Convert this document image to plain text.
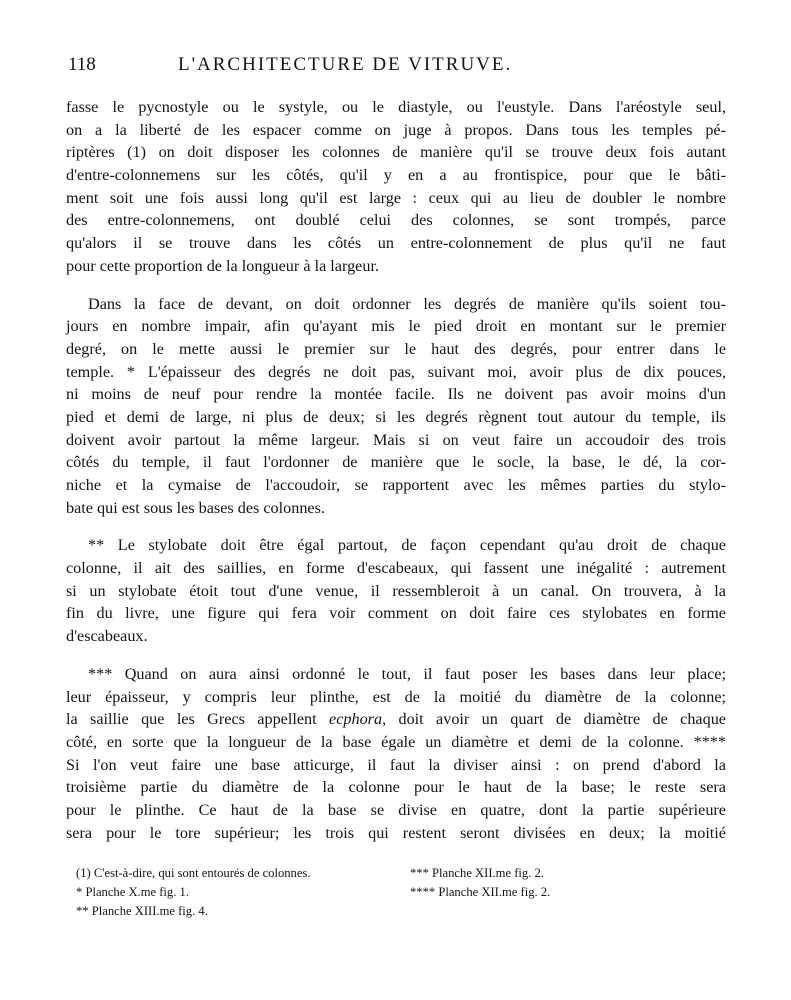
118	L'ARCHITECTURE DE VITRUVE.
fasse le pycnostyle ou le systyle, ou le diastyle, ou l'eustyle. Dans l'aréostyle seul,
on a la liberté de les espacer comme on juge à propos. Dans tous les temples pé-
riptères (1) on doit disposer les colonnes de manière qu'il se trouve deux fois autant
d'entre-colonnemens sur les côtés, qu'il y en a au frontispice, pour que le bâti-
ment soit une fois aussi long qu'il est large : ceux qui au lieu de doubler le nombre
des entre-colonnemens, ont doublé celui des colonnes, se sont trompés, parce
qu'alors il se trouve dans les côtés un entre-colonnement de plus qu'il ne faut
pour cette proportion de la longueur à la largeur.
Dans la face de devant, on doit ordonner les degrés de manière qu'ils soient tou-
jours en nombre impair, afin qu'ayant mis le pied droit en montant sur le premier
degré, on le mette aussi le premier sur le haut des degrés, pour entrer dans le
temple. * L'épaisseur des degrés ne doit pas, suivant moi, avoir plus de dix pouces,
ni moins de neuf pour rendre la montée facile. Ils ne doivent pas avoir moins d'un
pied et demi de large, ni plus de deux; si les degrés règnent tout autour du temple, ils
doivent avoir partout la même largeur. Mais si on veut faire un accoudoir des trois
côtés du temple, il faut l'ordonner de manière que le socle, la base, le dé, la cor-
niche et la cymaise de l'accoudoir, se rapportent avec les mêmes parties du stylo-
bate qui est sous les bases des colonnes.
** Le stylobate doit être égal partout, de façon cependant qu'au droit de chaque
colonne, il ait des saillies, en forme d'escabeaux, qui fassent une inégalité : autrement
si un stylobate étoit tout d'une venue, il ressembleroit à un canal. On trouvera, à la
fin du livre, une figure qui fera voir comment on doit faire ces stylobates en forme
d'escabeaux.
*** Quand on aura ainsi ordonné le tout, il faut poser les bases dans leur place;
leur épaisseur, y compris leur plinthe, est de la moitié du diamètre de la colonne;
la saillie que les Grecs appellent ecphora, doit avoir un quart de diamètre de chaque
côté, en sorte que la longueur de la base égale un diamètre et demi de la colonne. ****
Si l'on veut faire une base atticurge, il faut la diviser ainsi : on prend d'abord la
troisième partie du diamètre de la colonne pour le haut de la base; le reste sera
pour le plinthe. Ce haut de la base se divise en quatre, dont la partie supérieure
sera pour le tore supérieur; les trois qui restent seront divisées en deux; la moitié
(1) C'est-à-dire, qui sont entourés de colonnes.
* Planche X.me fig. 1.
** Planche XIII.me fig. 4.
*** Planche XII.me fig. 2.
**** Planche XII.me fig. 2.
